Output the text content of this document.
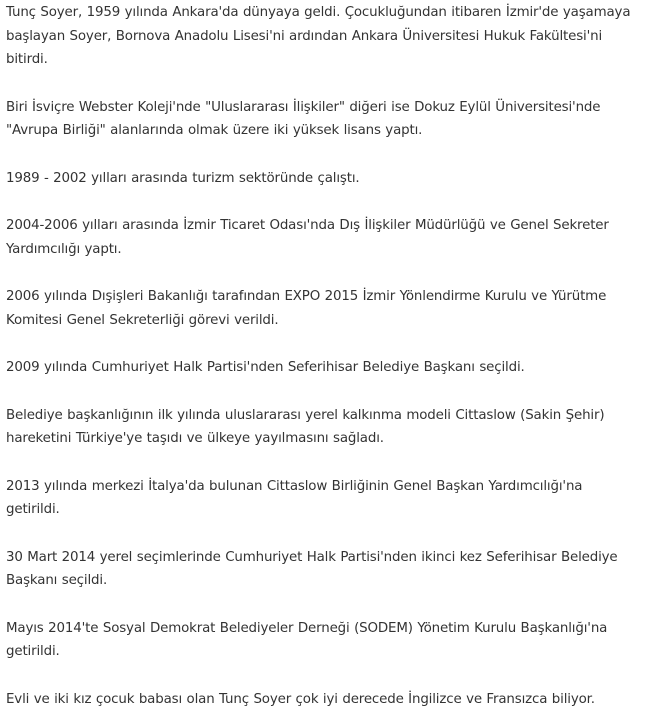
Tunç Soyer, 1959 yılında Ankara'da dünyaya geldi. Çocukluğundan itibaren İzmir'de yaşamaya başlayan Soyer, Bornova Anadolu Lisesi'ni ardından Ankara Üniversitesi Hukuk Fakültesi'ni bitirdi.

Biri İsviçre Webster Koleji'nde "Uluslararası İlişkiler" diğeri ise Dokuz Eylül Üniversitesi'nde "Avrupa Birliği" alanlarında olmak üzere iki yüksek lisans yaptı.

1989 - 2002 yılları arasında turizm sektöründe çalıştı.

2004-2006 yılları arasında İzmir Ticaret Odası'nda Dış İlişkiler Müdürlüğü ve Genel Sekreter Yardımcılığı yaptı.

2006 yılında Dışişleri Bakanlığı tarafından EXPO 2015 İzmir Yönlendirme Kurulu ve Yürütme Komitesi Genel Sekreterliği görevi verildi.

2009 yılında Cumhuriyet Halk Partisi'nden Seferihisar Belediye Başkanı seçildi.

Belediye başkanlığının ilk yılında uluslararası yerel kalkınma modeli Cittaslow (Sakin Şehir) hareketini Türkiye'ye taşıdı ve ülkeye yayılmasını sağladı.

2013 yılında merkezi İtalya'da bulunan Cittaslow Birliğinin Genel Başkan Yardımcılığı'na getirildi.

30 Mart 2014 yerel seçimlerinde Cumhuriyet Halk Partisi'nden ikinci kez Seferihisar Belediye Başkanı seçildi.

Mayıs 2014'te Sosyal Demokrat Belediyeler Derneği (SODEM) Yönetim Kurulu Başkanlığı'na getirildi.

Evli ve iki kız çocuk babası olan Tunç Soyer çok iyi derecede İngilizce ve Fransızca biliyor.
